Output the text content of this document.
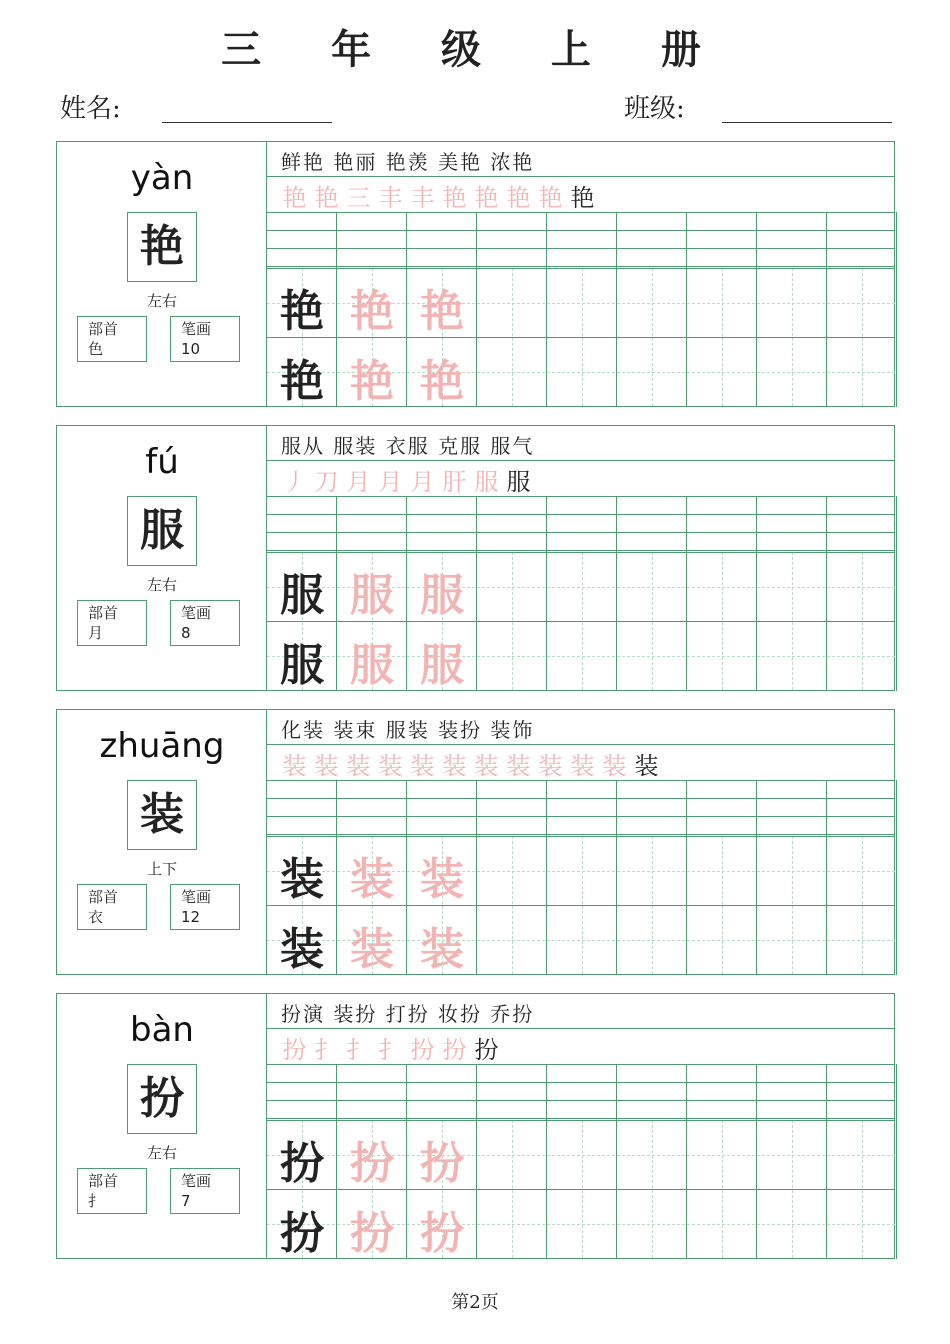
三 年 级 上 册
姓名:	班级:
yàn
艳
左右
部首
色
笔画
10
鲜艳 艳丽 艳羡 美艳 浓艳
艳 艳 三 丰 丰 艳 艳 艳 艳 艳
艳 艳 艳
艳 艳 艳
fú
服
左右
部首
月
笔画
8
服从 服装 衣服 克服 服气
丿 刀 月 月 月 肝 服 服
服 服 服
服 服 服
zhuāng
装
上下
部首
衣
笔画
12
化装 装束 服装 装扮 装饰
装 装 装 装 装 装 装 装 装 装 装 装
装 装 装
装 装 装
bàn
扮
左右
部首
扌
笔画
7
扮演 装扮 打扮 妆扮 乔扮
扮 扌 扌 扌 扮 扮 扮
扮 扮 扮
扮 扮 扮
第2页
